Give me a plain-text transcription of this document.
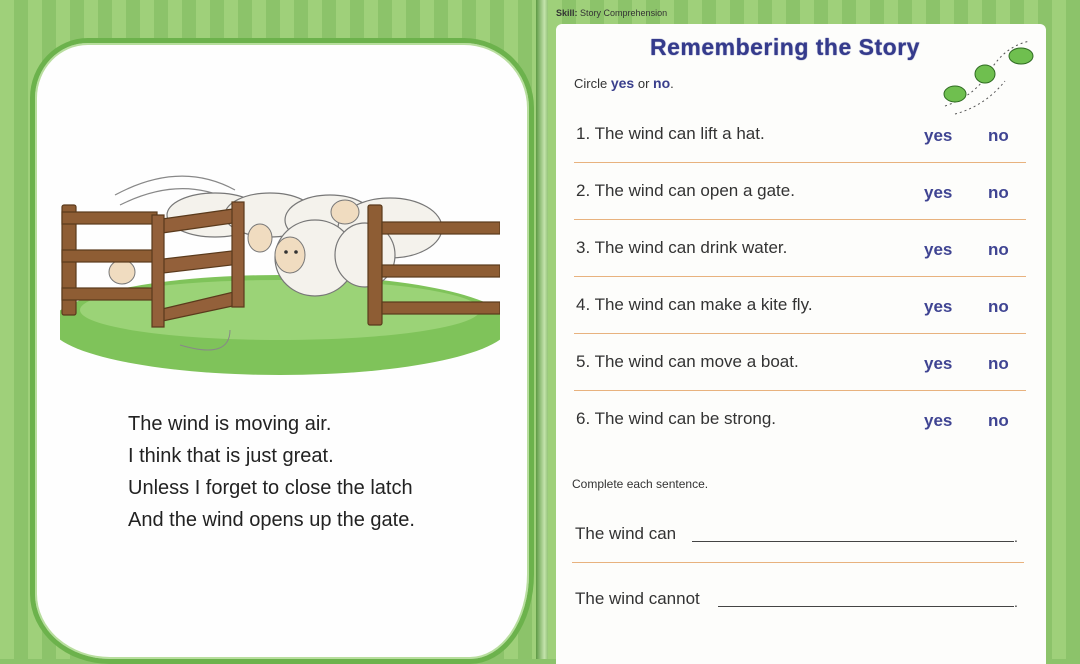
The wind is moving air.
I think that is just great.
Unless I forget to close the latch
And the wind opens up the gate.
Skill: Story Comprehension
Remembering the Story
Circle yes or no.
1. The wind can lift a hat.	yes no
2. The wind can open a gate.	yes no
3. The wind can drink water.	yes no
4. The wind can make a kite fly.	yes no
5. The wind can move a boat.	yes no
6. The wind can be strong.	yes no
Complete each sentence.
The wind can	.
The wind cannot	.
